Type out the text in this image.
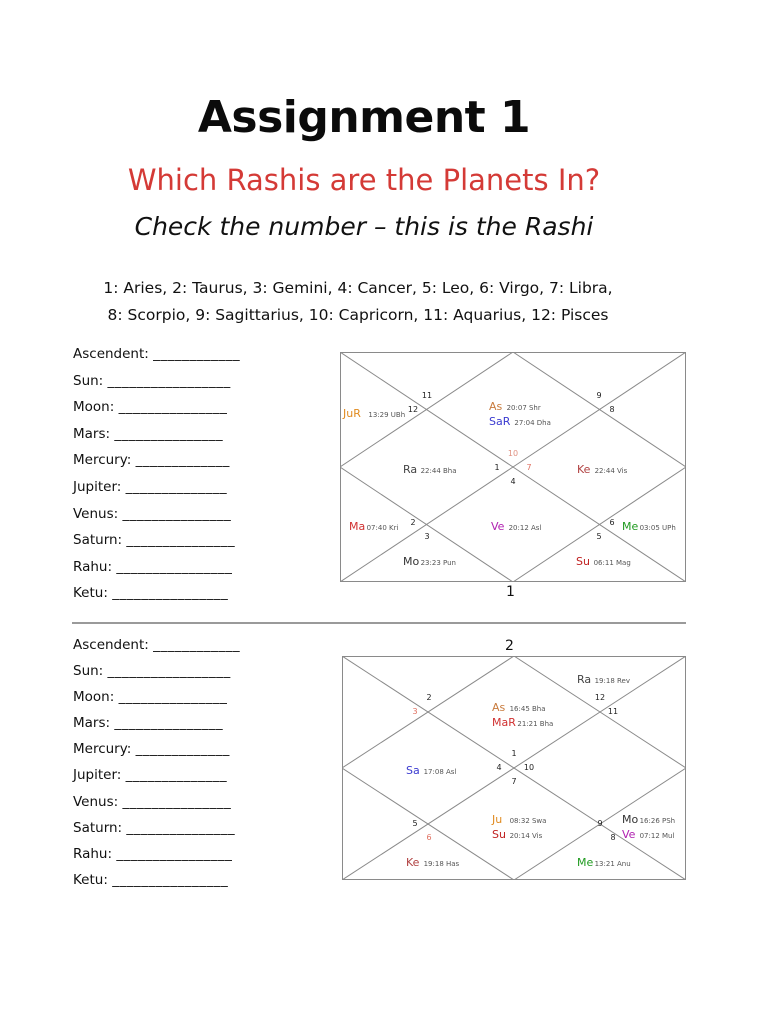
Assignment 1
Which Rashis are the Planets In?
Check the number – this is the Rashi
1: Aries, 2: Taurus, 3: Gemini, 4: Cancer, 5: Leo, 6: Virgo, 7: Libra,
8: Scorpio, 9: Sagittarius, 10: Capricorn, 11: Aquarius, 12: Pisces
Ascendent: ____________
Sun: _________________
Moon: _______________
Mars: _______________
Mercury: _____________
Jupiter: ______________
Venus: _______________
Saturn: _______________
Rahu: ________________
Ketu: ________________
11
12
9
8
10
1	7
4
2
3
6
5
JuR 13:29 UBh
As 20:07 Shr
SaR 27:04 Dha
Ra 22:44 Bha	Ke 22:44 Vis
Ma 07:40 Kri	Ve 20:12 Asl	Me 03:05 UPh
Mo 23:23 Pun	Su 06:11 Mag
1
Ascendent: ____________
Sun: _________________
Moon: _______________
Mars: _______________
Mercury: _____________
Jupiter: ______________
Venus: _______________
Saturn: _______________
Rahu: ________________
Ketu: ________________
2
2
3
12
11
1
4	10
7
5
6
9
8
Ra 19:18 Rev
As 16:45 Bha
MaR 21:21 Bha
Sa 17:08 Asl
Ju 08:32 Swa
Su 20:14 Vis
Mo 16:26 PSh
Ve 07:12 Mul
Ke 19:18 Has	Me 13:21 Anu
